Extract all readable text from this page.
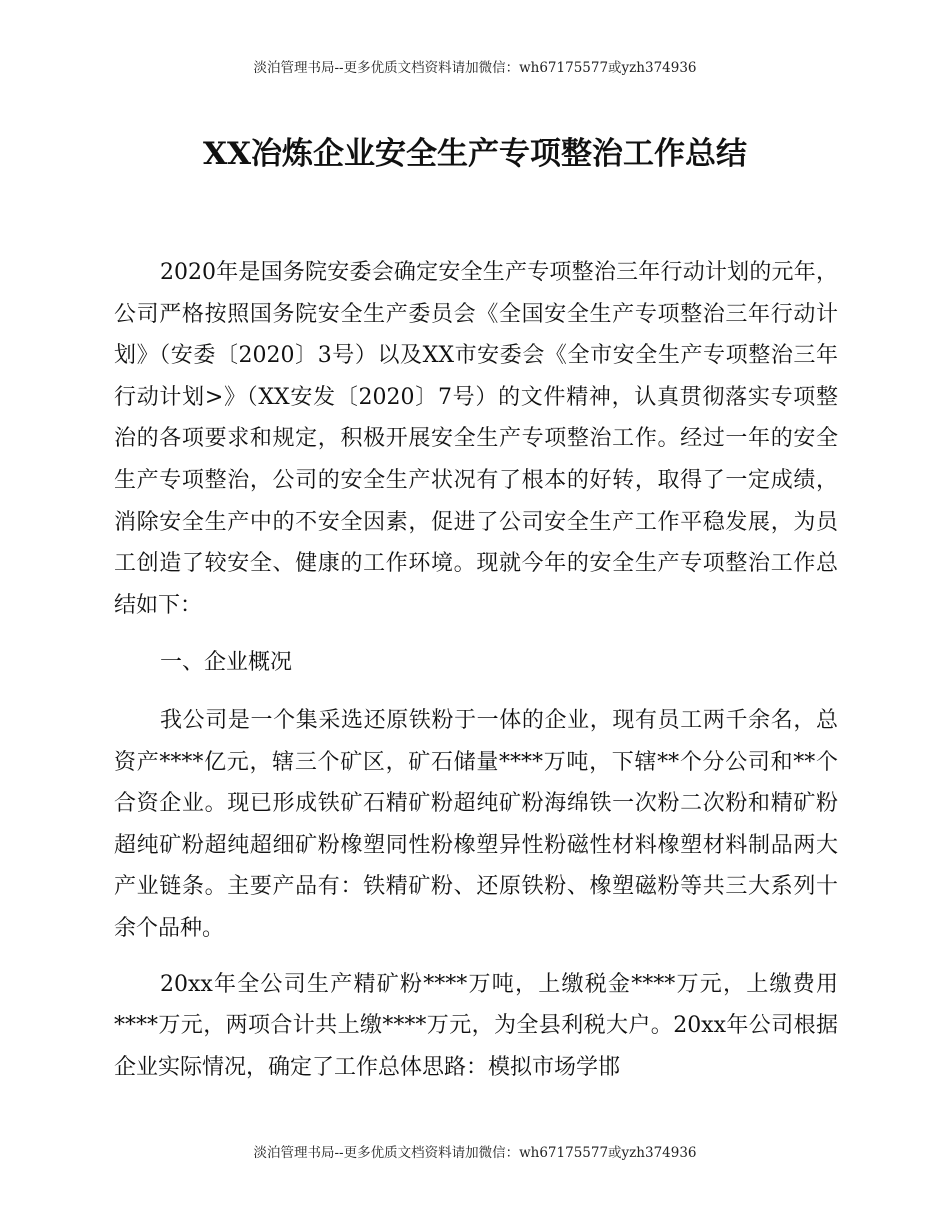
淡泊管理书局--更多优质文档资料请加微信：wh67175577或yzh374936
XX冶炼企业安全生产专项整治工作总结

2020年是国务院安委会确定安全生产专项整治三年行动计划的元年，公司严格按照国务院安全生产委员会《全国安全生产专项整治三年行动计划》（安委〔2020〕3号）以及XX市安委会《全市安全生产专项整治三年行动计划>》（XX安发〔2020〕7号）的文件精神，认真贯彻落实专项整治的各项要求和规定，积极开展安全生产专项整治工作。经过一年的安全生产专项整治，公司的安全生产状况有了根本的好转，取得了一定成绩，消除安全生产中的不安全因素，促进了公司安全生产工作平稳发展，为员工创造了较安全、健康的工作环境。现就今年的安全生产专项整治工作总结如下：

一、企业概况

我公司是一个集采选还原铁粉于一体的企业，现有员工两千余名，总资产****亿元，辖三个矿区，矿石储量****万吨，下辖**个分公司和**个合资企业。现已形成铁矿石精矿粉超纯矿粉海绵铁一次粉二次粉和精矿粉超纯矿粉超纯超细矿粉橡塑同性粉橡塑异性粉磁性材料橡塑材料制品两大产业链条。主要产品有：铁精矿粉、还原铁粉、橡塑磁粉等共三大系列十余个品种。

20xx年全公司生产精矿粉****万吨，上缴税金****万元，上缴费用****万元，两项合计共上缴****万元，为全县利税大户。20xx年公司根据企业实际情况，确定了工作总体思路：模拟市场学邯

淡泊管理书局--更多优质文档资料请加微信：wh67175577或yzh374936
